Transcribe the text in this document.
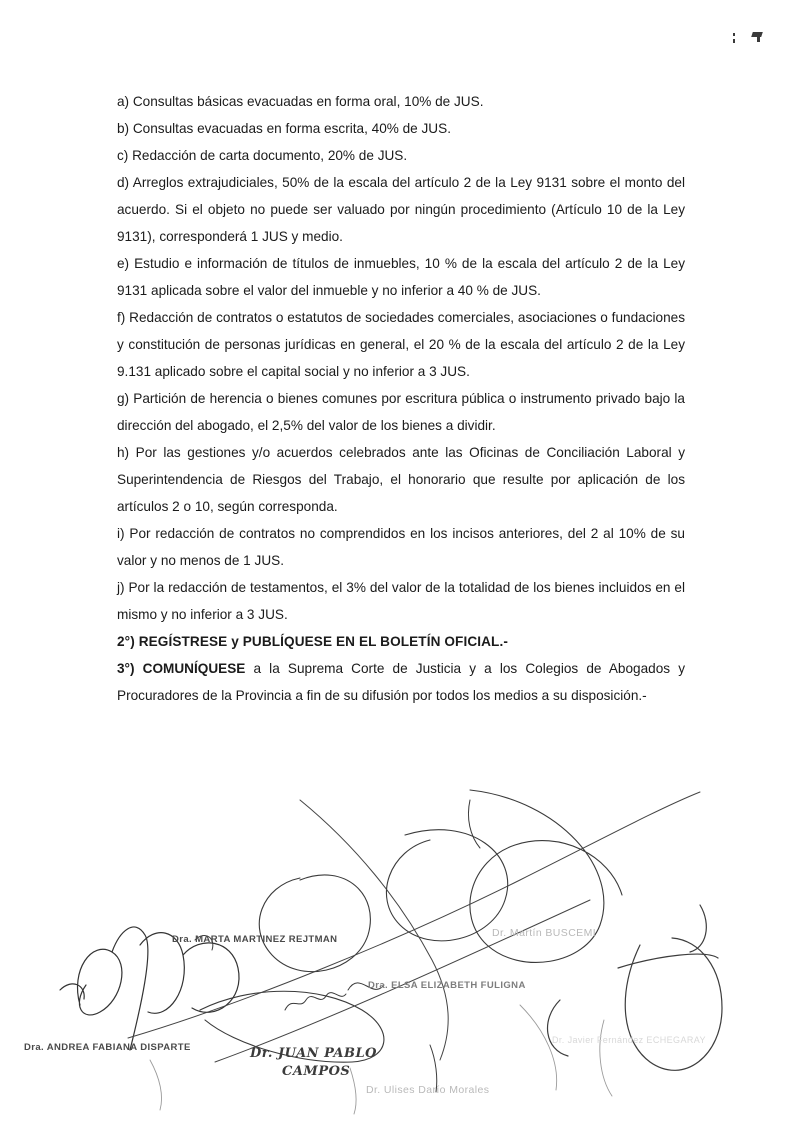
a) Consultas básicas evacuadas en forma oral, 10% de JUS.

b) Consultas evacuadas en forma escrita, 40% de JUS.

c) Redacción de carta documento, 20% de JUS.

d) Arreglos extrajudiciales, 50% de la escala del artículo 2 de la Ley 9131 sobre el monto del acuerdo. Si el objeto no puede ser valuado por ningún procedimiento (Artículo 10 de la Ley 9131), corresponderá 1 JUS y medio.

e) Estudio e información de títulos de inmuebles, 10 % de la escala del artículo 2 de la Ley 9131 aplicada sobre el valor del inmueble y no inferior a 40 % de JUS.

f) Redacción de contratos o estatutos de sociedades comerciales, asociaciones o fundaciones y constitución de personas jurídicas en general, el 20 % de la escala del artículo 2 de la Ley 9.131 aplicado sobre el capital social y no inferior a 3 JUS.

g) Partición de herencia o bienes comunes por escritura pública o instrumento privado bajo la dirección del abogado, el 2,5% del valor de los bienes a dividir.

h) Por las gestiones y/o acuerdos celebrados ante las Oficinas de Conciliación Laboral y Superintendencia de Riesgos del Trabajo, el honorario que resulte por aplicación de los artículos 2 o 10, según corresponda.

i) Por redacción de contratos no comprendidos en los incisos anteriores, del 2 al 10% de su valor y no menos de 1 JUS.

j) Por la redacción de testamentos, el 3% del valor de la totalidad de los bienes incluidos en el mismo y no inferior a 3 JUS.

2°) REGÍSTRESE y PUBLÍQUESE EN EL BOLETÍN OFICIAL.-

3°) COMUNÍQUESE a la Suprema Corte de Justicia y a los Colegios de Abogados y Procuradores de la Provincia a fin de su difusión por todos los medios a su disposición.-

Dra. MARTA MARTINEZ REJTMAN
Dra. ELSA ELIZABETH FULIGNA
Dra. ANDREA FABIANA DISPARTE
Dr. Martín BUSCEMI
Dr. Ulises Darío Morales
Dr. Javier Fernández ECHEGARAY
Dr. JUAN PABLO
CAMPOS
